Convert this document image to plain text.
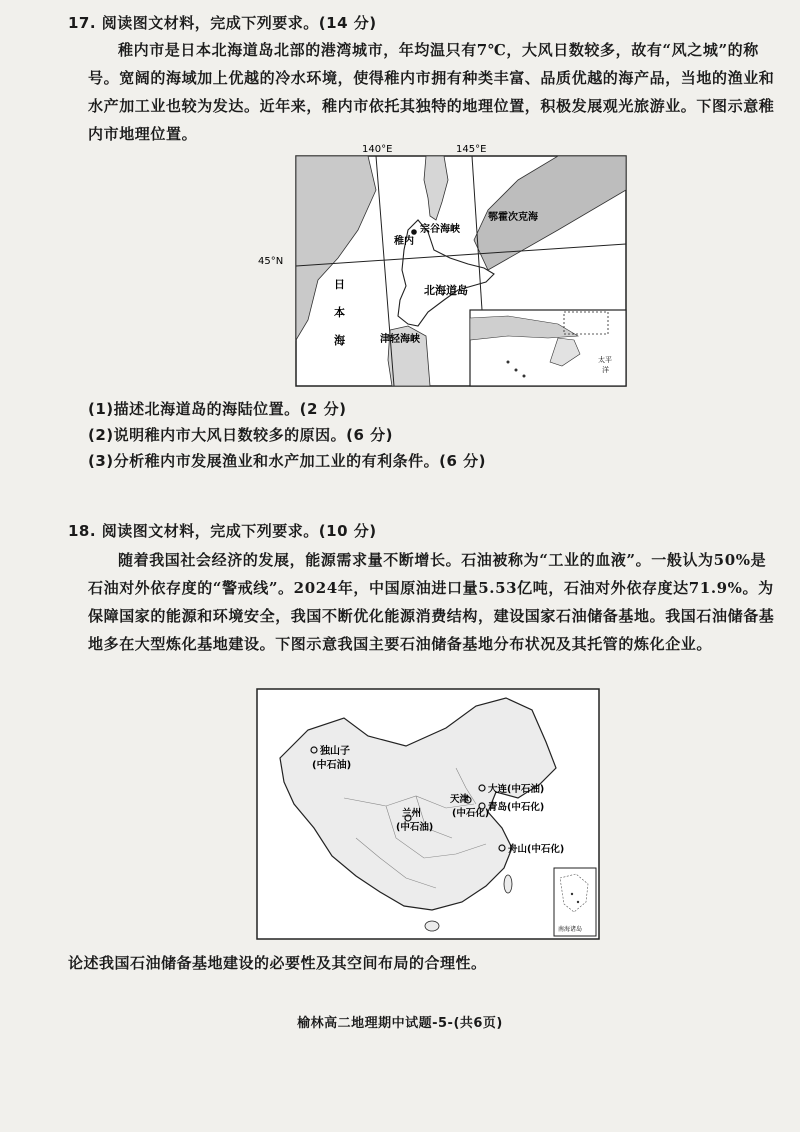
17. 阅读图文材料，完成下列要求。(14 分)

稚内市是日本北海道岛北部的港湾城市，年均温只有7℃，大风日数较多，故有“风之城”的称号。宽阔的海域加上优越的冷水环境，使得稚内市拥有种类丰富、品质优越的海产品，当地的渔业和水产加工业也较为发达。近年来，稚内市依托其独特的地理位置，积极发展观光旅游业。下图示意稚内市地理位置。

140°E	145°E
45°N
宗谷海峡
稚内
鄂霍次克海
北海道岛
日
本
海	津轻海峡
太平
洋
(1)描述北海道岛的海陆位置。(2 分)
(2)说明稚内市大风日数较多的原因。(6 分)
(3)分析稚内市发展渔业和水产加工业的有利条件。(6 分)
18. 阅读图文材料，完成下列要求。(10 分)

随着我国社会经济的发展，能源需求量不断增长。石油被称为“工业的血液”。一般认为50%是石油对外依存度的“警戒线”。2024年，中国原油进口量5.53亿吨，石油对外依存度达71.9%。为保障国家的能源和环境安全，我国不断优化能源消费结构，建设国家石油储备基地。我国石油储备基地多在大型炼化基地建设。下图示意我国主要石油储备基地分布状况及其托管的炼化企业。

独山子
(中石油)
大连(中石油)
天津
(中石化)
青岛(中石化)
兰州
(中石油)
舟山(中石化)
南海诸岛
论述我国石油储备基地建设的必要性及其空间布局的合理性。
榆林高二地理期中试题-5-(共6页)
